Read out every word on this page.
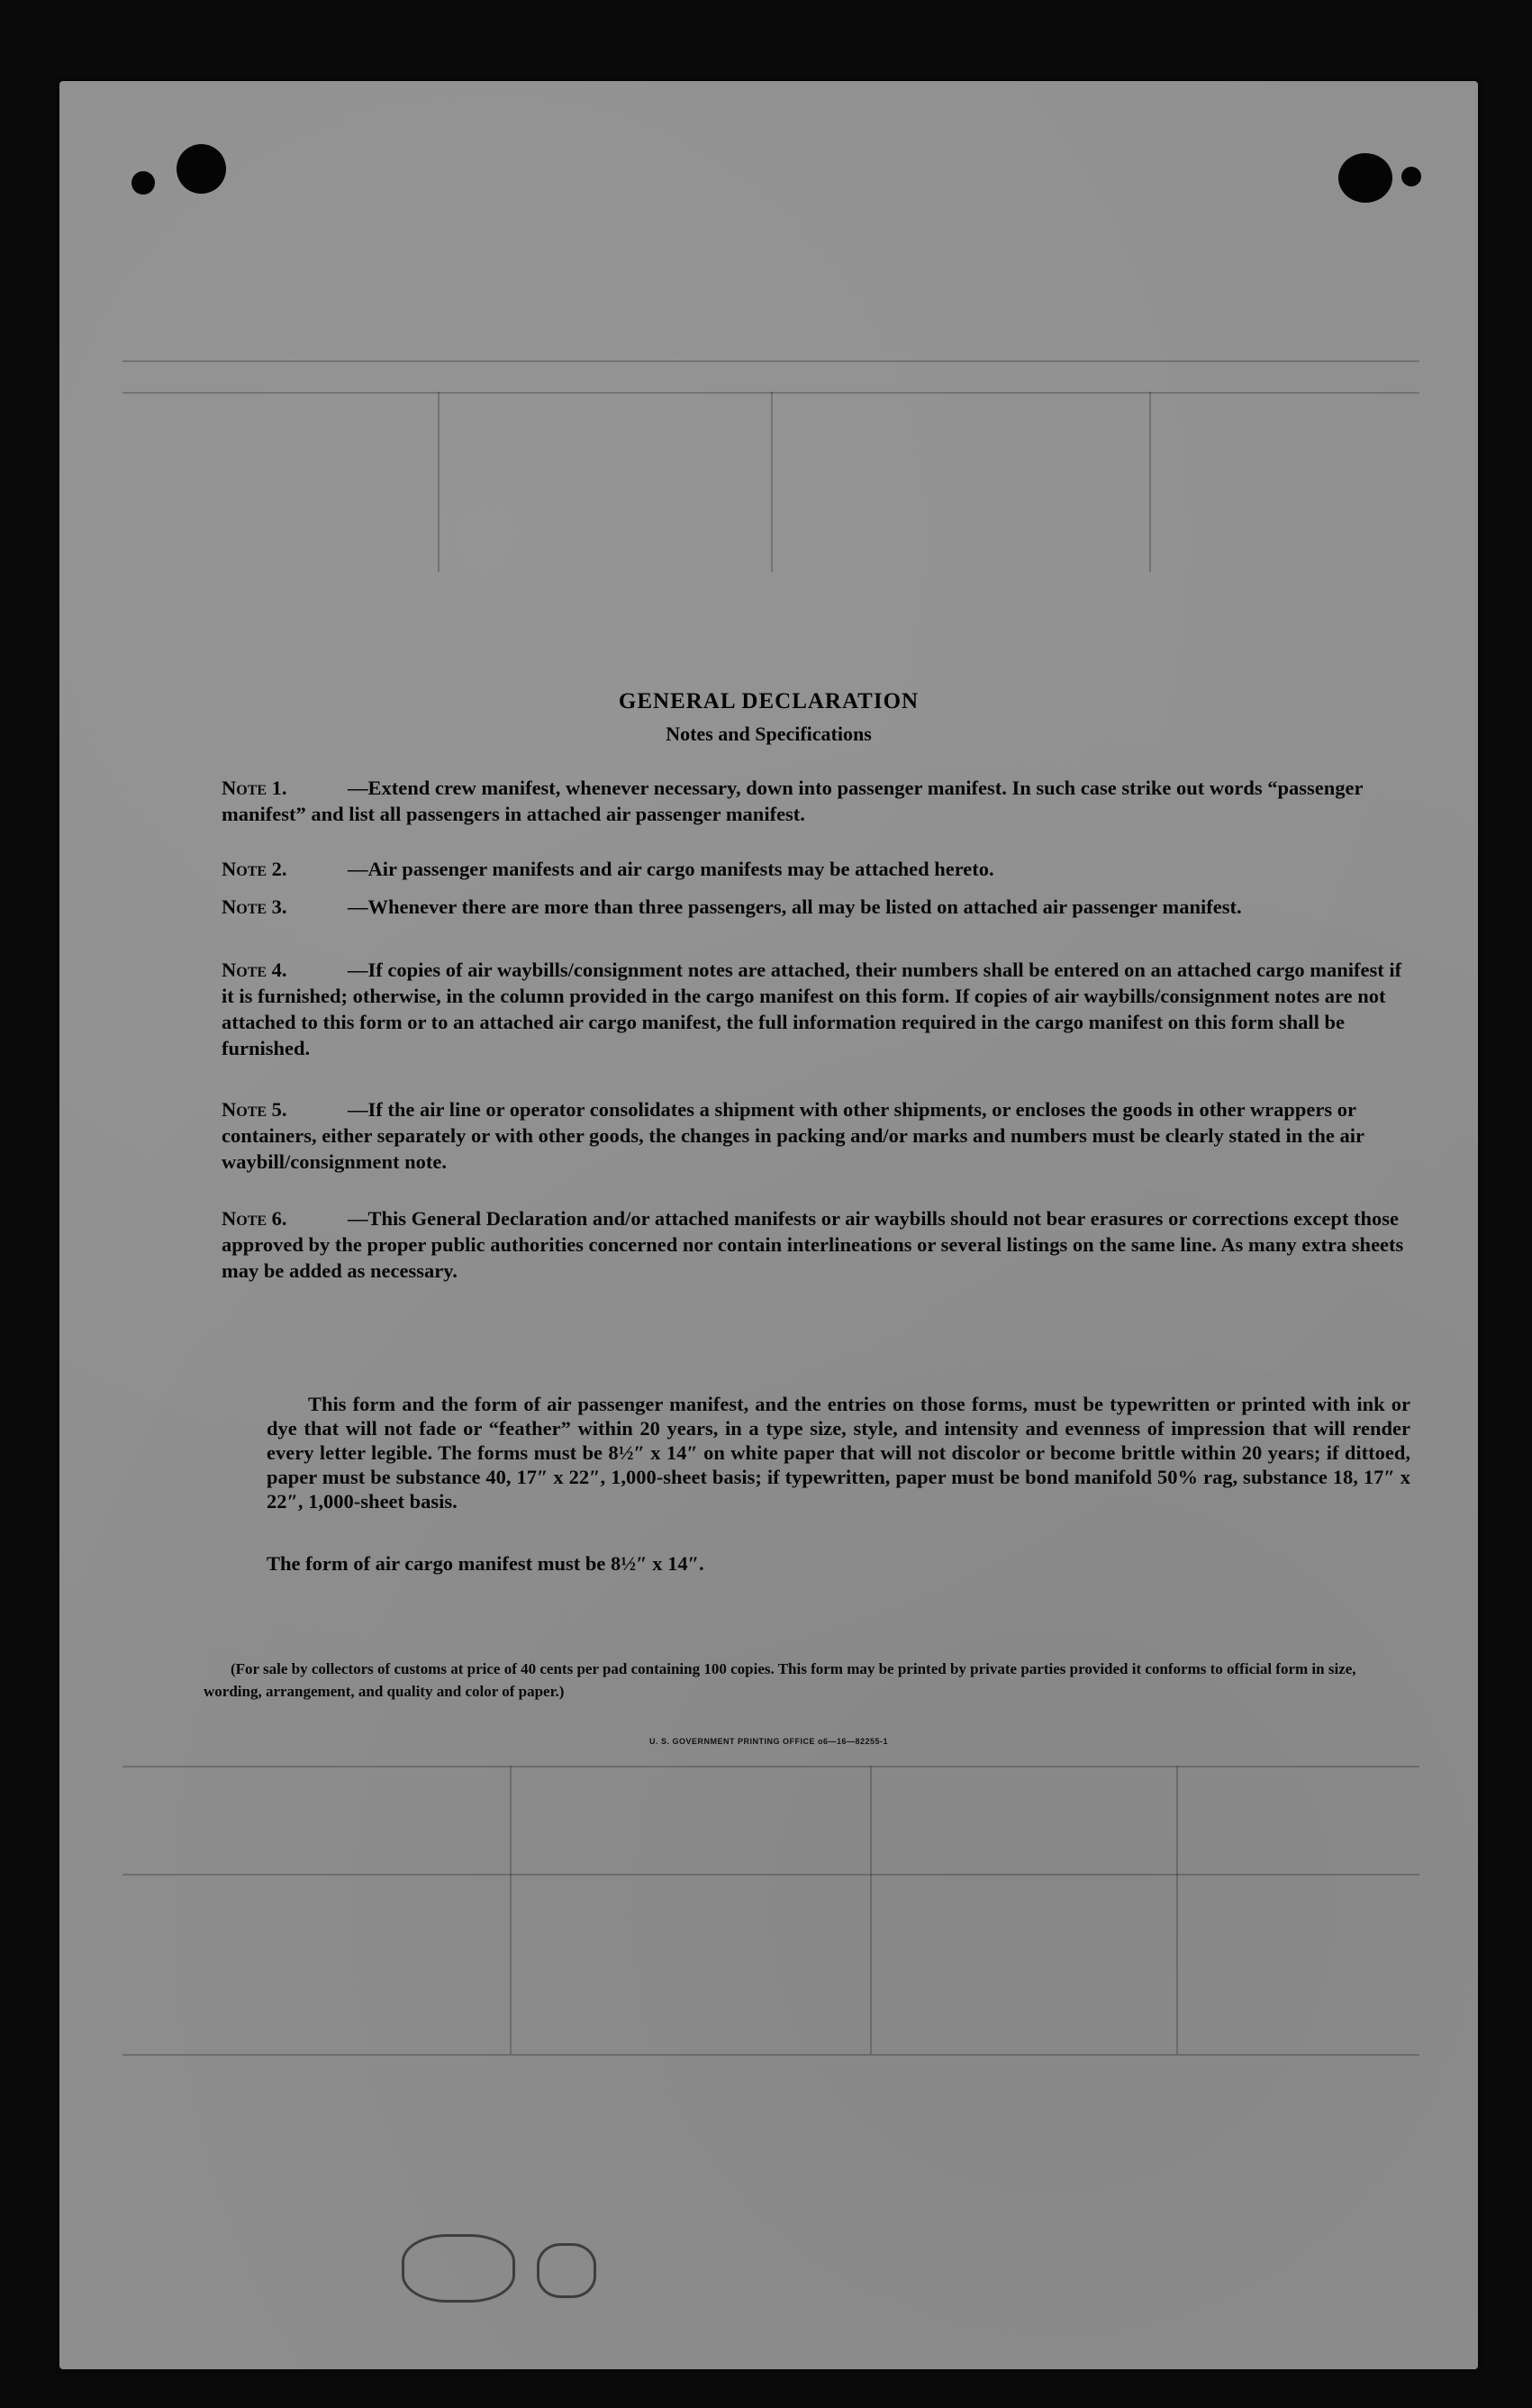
GENERAL DECLARATION
Notes and Specifications
Note 1.	—Extend crew manifest, whenever necessary, down into passenger manifest. In such case strike out words “passenger manifest” and list all passengers in attached air passenger manifest.
Note 2.	—Air passenger manifests and air cargo manifests may be attached hereto.
Note 3.	—Whenever there are more than three passengers, all may be listed on attached air passenger manifest.
Note 4.	—If copies of air waybills/consignment notes are attached, their numbers shall be entered on an attached cargo manifest if it is furnished; otherwise, in the column provided in the cargo manifest on this form. If copies of air waybills/consignment notes are not attached to this form or to an attached air cargo manifest, the full information required in the cargo manifest on this form shall be furnished.
Note 5.	—If the air line or operator consolidates a shipment with other shipments, or encloses the goods in other wrappers or containers, either separately or with other goods, the changes in packing and/or marks and numbers must be clearly stated in the air waybill/consignment note.
Note 6.	—This General Declaration and/or attached manifests or air waybills should not bear erasures or corrections except those approved by the proper public authorities concerned nor contain interlineations or several listings on the same line. As many extra sheets may be added as necessary.
This form and the form of air passenger manifest, and the entries on those forms, must be typewritten or printed with ink or dye that will not fade or “feather” within 20 years, in a type size, style, and intensity and evenness of impression that will render every letter legible. The forms must be 8½″ x 14″ on white paper that will not discolor or become brittle within 20 years; if dittoed, paper must be substance 40, 17″ x 22″, 1,000-sheet basis; if typewritten, paper must be bond manifold 50% rag, substance 18, 17″ x 22″, 1,000-sheet basis.
The form of air cargo manifest must be 8½″ x 14″.
(For sale by collectors of customs at price of 40 cents per pad containing 100 copies. This form may be printed by private parties provided it conforms to official form in size, wording, arrangement, and quality and color of paper.)
U. S. GOVERNMENT PRINTING OFFICE o6—16—82255-1
